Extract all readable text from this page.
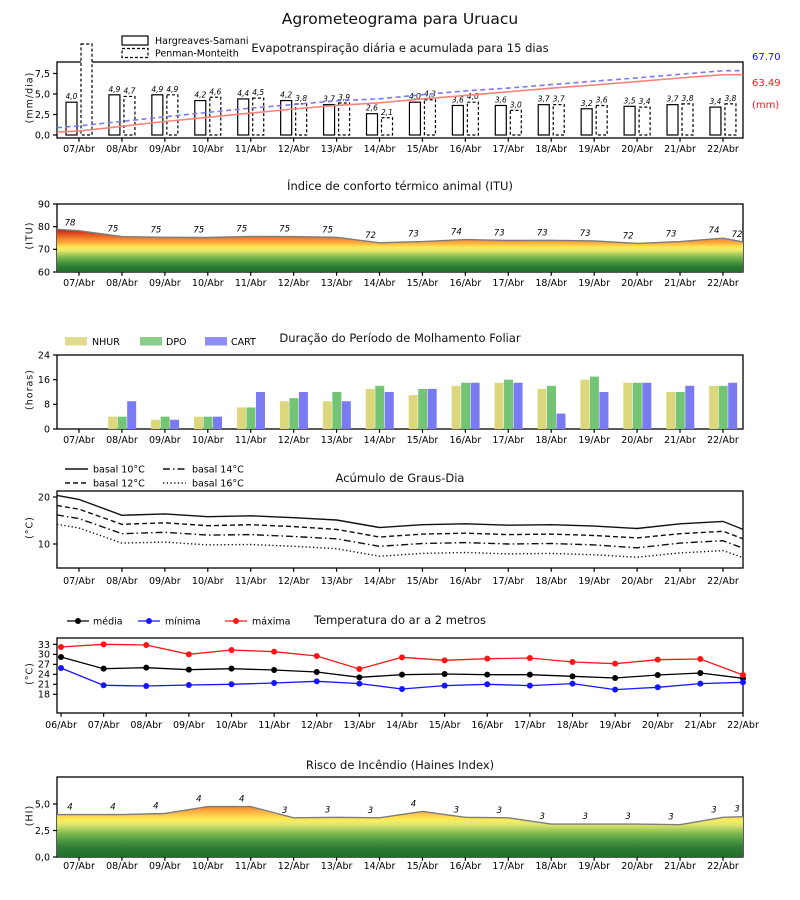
Agrometeograma para Uruacu
Evapotranspiração diária e acumulada para 15 dias
(mm/dia)
67.70
63.49
(mm)
0,0
2,5
5,0
7,5
07/Abr 08/Abr 09/Abr 10/Abr 11/Abr 12/Abr 13/Abr 14/Abr 15/Abr 16/Abr 17/Abr 18/Abr 19/Abr 20/Abr 21/Abr 22/Abr
4,0
4,7
4,9	4,9
4,9	4,6
4,2	4,5
4,4
3,8
4,2	3,9
3,7
2,1
2,6
4,3
4,0	4,0
3,6
3,0
3,6	3,7
3,7	3,6
3,2	3,4
3,5	3,8
3,7	3,8
3,4
Hargreaves-Samani
Penman-Monteith
Índice de conforto térmico animal (ITU)
(ITU)
60
70
80
90
07/Abr 08/Abr 09/Abr 10/Abr 11/Abr 12/Abr 13/Abr 14/Abr 15/Abr 16/Abr 17/Abr 18/Abr 19/Abr 20/Abr 21/Abr 22/Abr
78
75	75	75	75	75	75
72	73	74	73	73	73	72	73	74 72
Duração do Período de Molhamento Foliar
(horas)
0
8
16
24
07/Abr 08/Abr 09/Abr 10/Abr 11/Abr 12/Abr 13/Abr 14/Abr 15/Abr 16/Abr 17/Abr 18/Abr 19/Abr 20/Abr 21/Abr 22/Abr
NHUR	DPO	CART
Acúmulo de Graus-Dia
(°C)
10
20
07/Abr 08/Abr 09/Abr 10/Abr 11/Abr 12/Abr 13/Abr 14/Abr 15/Abr 16/Abr 17/Abr 18/Abr 19/Abr 20/Abr 21/Abr 22/Abr
basal 10°C
basal 12°C
basal 14°C
basal 16°C
Temperatura do ar a 2 metros
(°C)
18
21
24
27
30
33
06/Abr 07/Abr 08/Abr 09/Abr 10/Abr 11/Abr 12/Abr 13/Abr 14/Abr 15/Abr 16/Abr 17/Abr 18/Abr 19/Abr 20/Abr 21/Abr 22/Abr
média	mínima	máxima
Risco de Incêndio (Haines Index)
(HI)
0,0
2,5
5,0
07/Abr 08/Abr 09/Abr 10/Abr 11/Abr 12/Abr 13/Abr 14/Abr 15/Abr 16/Abr 17/Abr 18/Abr 19/Abr 20/Abr 21/Abr 22/Abr
4	4	4
4	4
3	3	3
4
3	3
3	3	3	3
3 3
